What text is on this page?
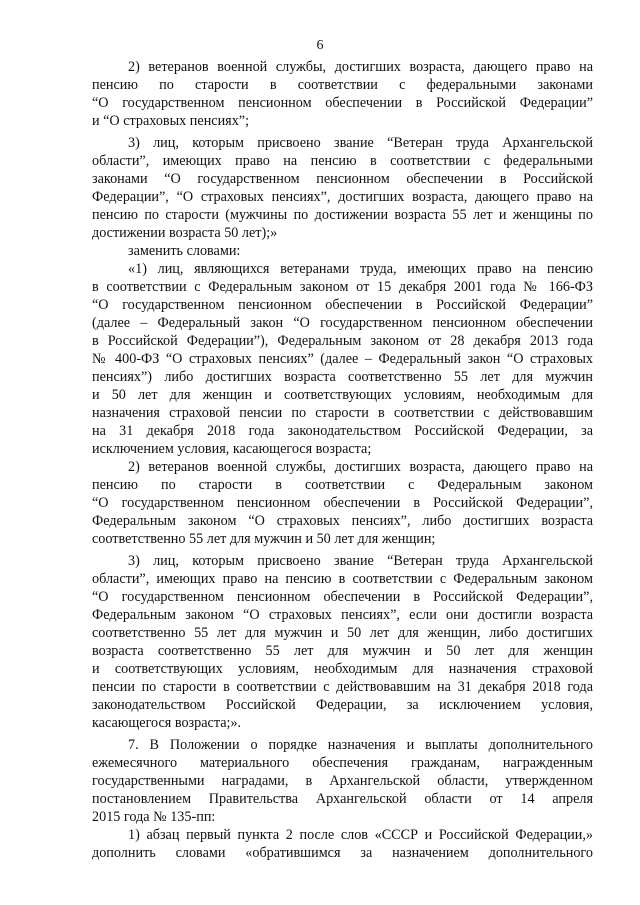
6
2) ветеранов военной службы, достигших возраста, дающего право на
пенсию по старости в соответствии с федеральными законами
“О государственном пенсионном обеспечении в Российской Федерации”
и “О страховых пенсиях”;
3) лиц, которым присвоено звание “Ветеран труда Архангельской
области”, имеющих право на пенсию в соответствии с федеральными
законами “О государственном пенсионном обеспечении в Российской
Федерации”, “О страховых пенсиях”, достигших возраста, дающего право на
пенсию по старости (мужчины по достижении возраста 55 лет и женщины по
достижении возраста 50 лет);»
заменить словами:
«1) лиц, являющихся ветеранами труда, имеющих право на пенсию
в соответствии с Федеральным законом от 15 декабря 2001 года № 166-ФЗ
“О государственном пенсионном обеспечении в Российской Федерации”
(далее – Федеральный закон “О государственном пенсионном обеспечении
в Российской Федерации”), Федеральным законом от 28 декабря 2013 года
№ 400-ФЗ “О страховых пенсиях” (далее – Федеральный закон “О страховых
пенсиях”) либо достигших возраста соответственно 55 лет для мужчин
и 50 лет для женщин и соответствующих условиям, необходимым для
назначения страховой пенсии по старости в соответствии с действовавшим
на 31 декабря 2018 года законодательством Российской Федерации, за
исключением условия, касающегося возраста;
2) ветеранов военной службы, достигших возраста, дающего право на
пенсию по старости в соответствии с Федеральным законом
“О государственном пенсионном обеспечении в Российской Федерации”,
Федеральным законом “О страховых пенсиях”, либо достигших возраста
соответственно 55 лет для мужчин и 50 лет для женщин;
3) лиц, которым присвоено звание “Ветеран труда Архангельской
области”, имеющих право на пенсию в соответствии с Федеральным законом
“О государственном пенсионном обеспечении в Российской Федерации”,
Федеральным законом “О страховых пенсиях”, если они достигли возраста
соответственно 55 лет для мужчин и 50 лет для женщин, либо достигших
возраста соответственно 55 лет для мужчин и 50 лет для женщин
и соответствующих условиям, необходимым для назначения страховой
пенсии по старости в соответствии с действовавшим на 31 декабря 2018 года
законодательством Российской Федерации, за исключением условия,
касающегося возраста;».
7. В Положении о порядке назначения и выплаты дополнительного
ежемесячного материального обеспечения гражданам, награжденным
государственными наградами, в Архангельской области, утвержденном
постановлением Правительства Архангельской области от 14 апреля
2015 года № 135-пп:
1) абзац первый пункта 2 после слов «СССР и Российской Федерации,»
дополнить словами «обратившимся за назначением дополнительного
